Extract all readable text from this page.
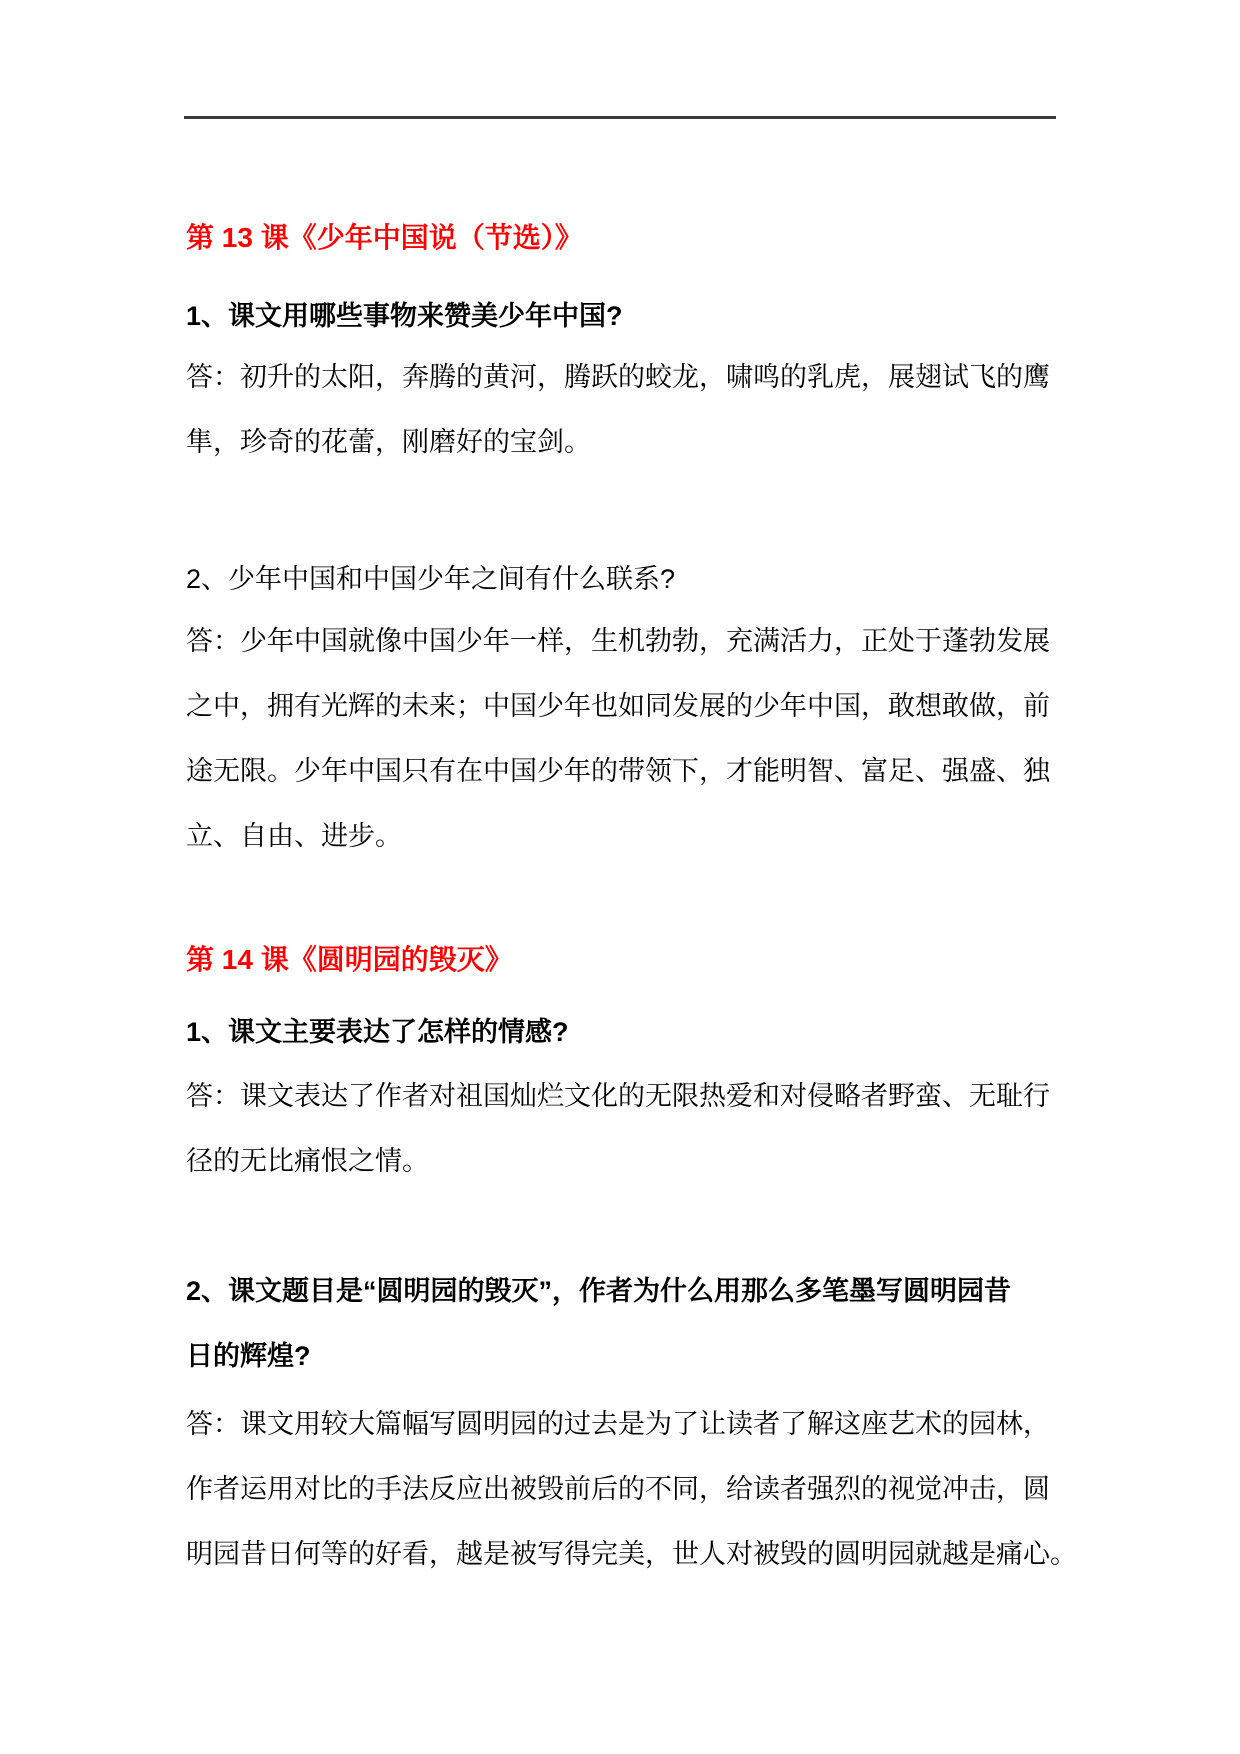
第 13 课《少年中国说（节选）》
1、课文用哪些事物来赞美少年中国?
答：初升的太阳，奔腾的黄河，腾跃的蛟龙，啸鸣的乳虎，展翅试飞的鹰
隼，珍奇的花蕾，刚磨好的宝剑。
2、少年中国和中国少年之间有什么联系?
答：少年中国就像中国少年一样，生机勃勃，充满活力，正处于蓬勃发展
之中，拥有光辉的未来；中国少年也如同发展的少年中国，敢想敢做，前
途无限。少年中国只有在中国少年的带领下，才能明智、富足、强盛、独
立、自由、进步。
第 14 课《圆明园的毁灭》
1、课文主要表达了怎样的情感?
答：课文表达了作者对祖国灿烂文化的无限热爱和对侵略者野蛮、无耻行
径的无比痛恨之情。
2、课文题目是“圆明园的毁灭”，作者为什么用那么多笔墨写圆明园昔
日的辉煌?
答：课文用较大篇幅写圆明园的过去是为了让读者了解这座艺术的园林，
作者运用对比的手法反应出被毁前后的不同，给读者强烈的视觉冲击，圆
明园昔日何等的好看，越是被写得完美，世人对被毁的圆明园就越是痛心。
